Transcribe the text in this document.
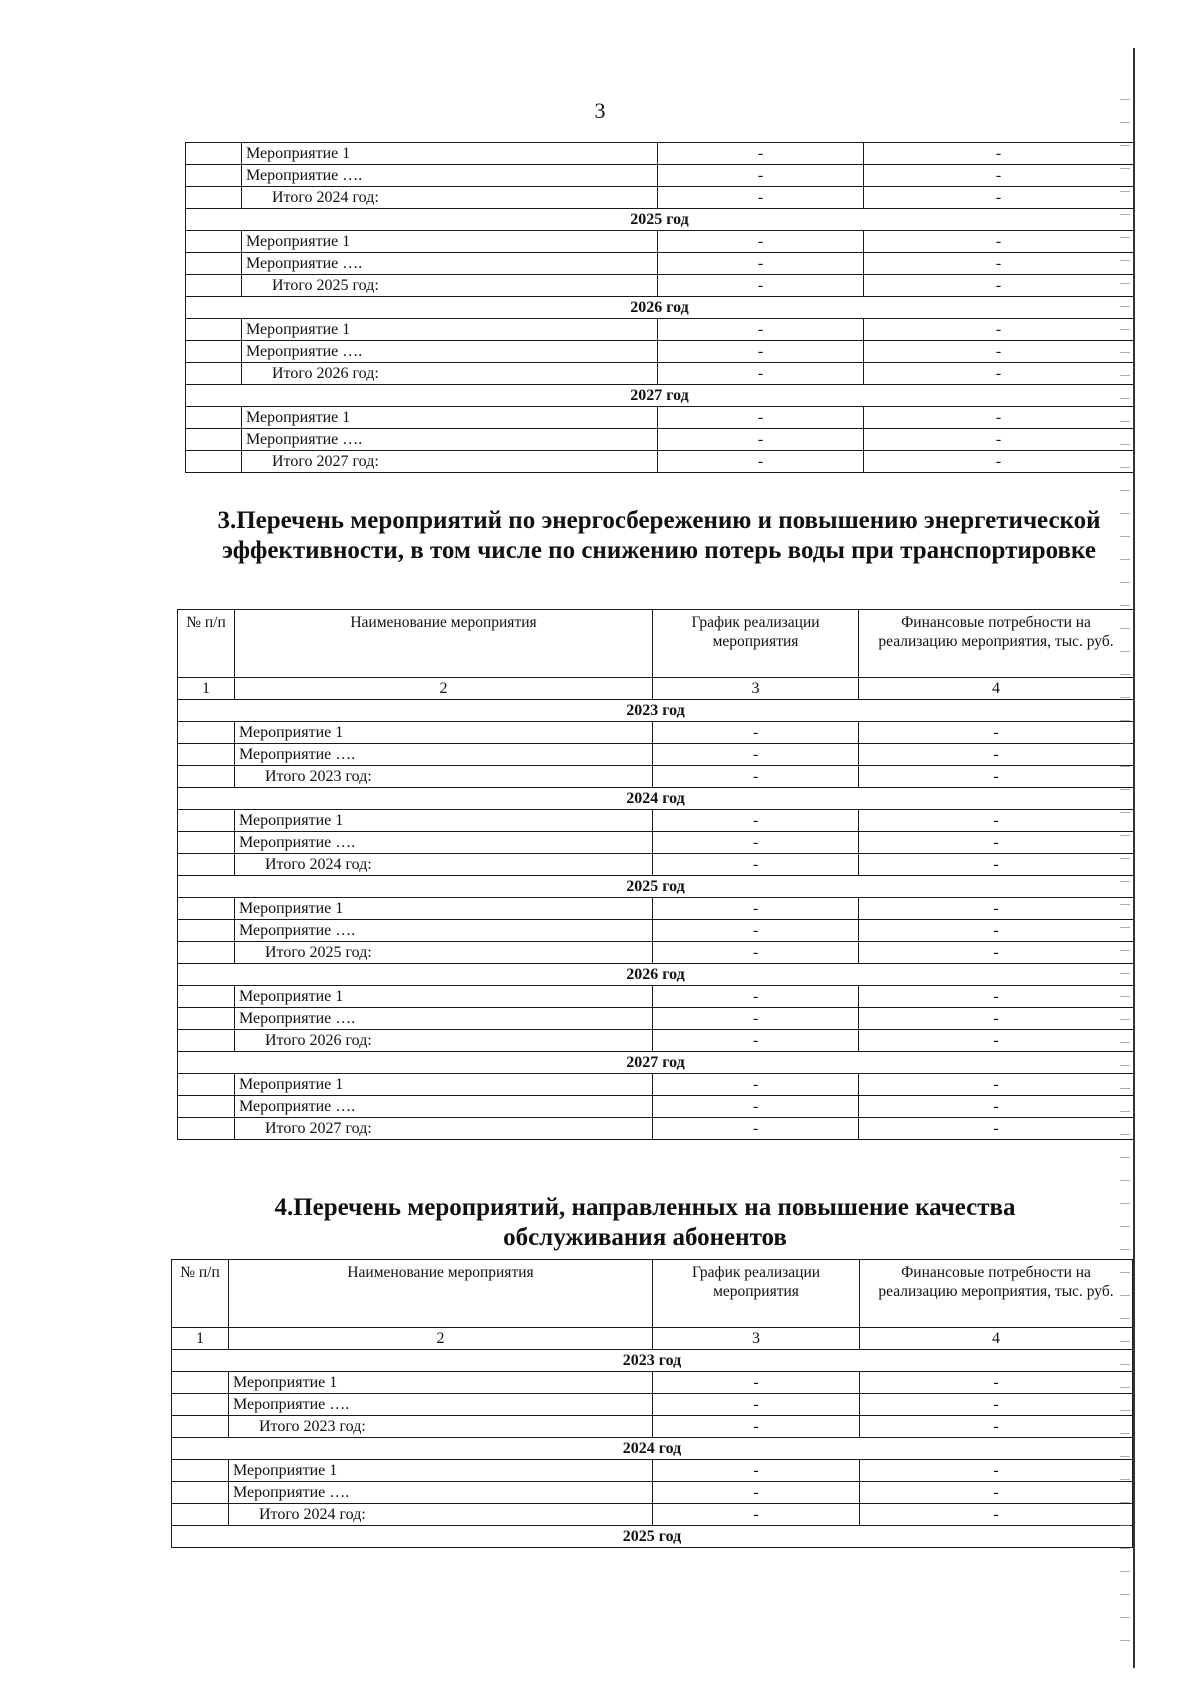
3
	Мероприятие 1	-	-
	Мероприятие ….	-	-
	Итого 2024 год:	-	-
2025 год			
	Мероприятие 1	-	-
	Мероприятие ….	-	-
	Итого 2025 год:	-	-
2026 год			
	Мероприятие 1	-	-
	Мероприятие ….	-	-
	Итого 2026 год:	-	-
2027 год			
	Мероприятие 1	-	-
	Мероприятие ….	-	-
	Итого 2027 год:	-	-
3.Перечень мероприятий по энергосбережению и повышению энергетической эффективности, в том числе по снижению потерь воды при транспортировке
№ п/п	Наименование мероприятия	График реализации мероприятия	Финансовые потребности на реализацию мероприятия, тыс. руб.
1	2	3	4
2023 год			
	Мероприятие 1	-	-
	Мероприятие ….	-	-
	Итого 2023 год:	-	-
2024 год			
	Мероприятие 1	-	-
	Мероприятие ….	-	-
	Итого 2024 год:	-	-
2025 год			
	Мероприятие 1	-	-
	Мероприятие ….	-	-
	Итого 2025 год:	-	-
2026 год			
	Мероприятие 1	-	-
	Мероприятие ….	-	-
	Итого 2026 год:	-	-
2027 год			
	Мероприятие 1	-	-
	Мероприятие ….	-	-
	Итого 2027 год:	-	-
4.Перечень мероприятий, направленных на повышение качества обслуживания абонентов
№ п/п	Наименование мероприятия	График реализации мероприятия	Финансовые потребности на реализацию мероприятия, тыс. руб.
1	2	3	4
2023 год			
	Мероприятие 1	-	-
	Мероприятие ….	-	-
	Итого 2023 год:	-	-
2024 год			
	Мероприятие 1	-	-
	Мероприятие ….	-	-
	Итого 2024 год:	-	-
2025 год			
